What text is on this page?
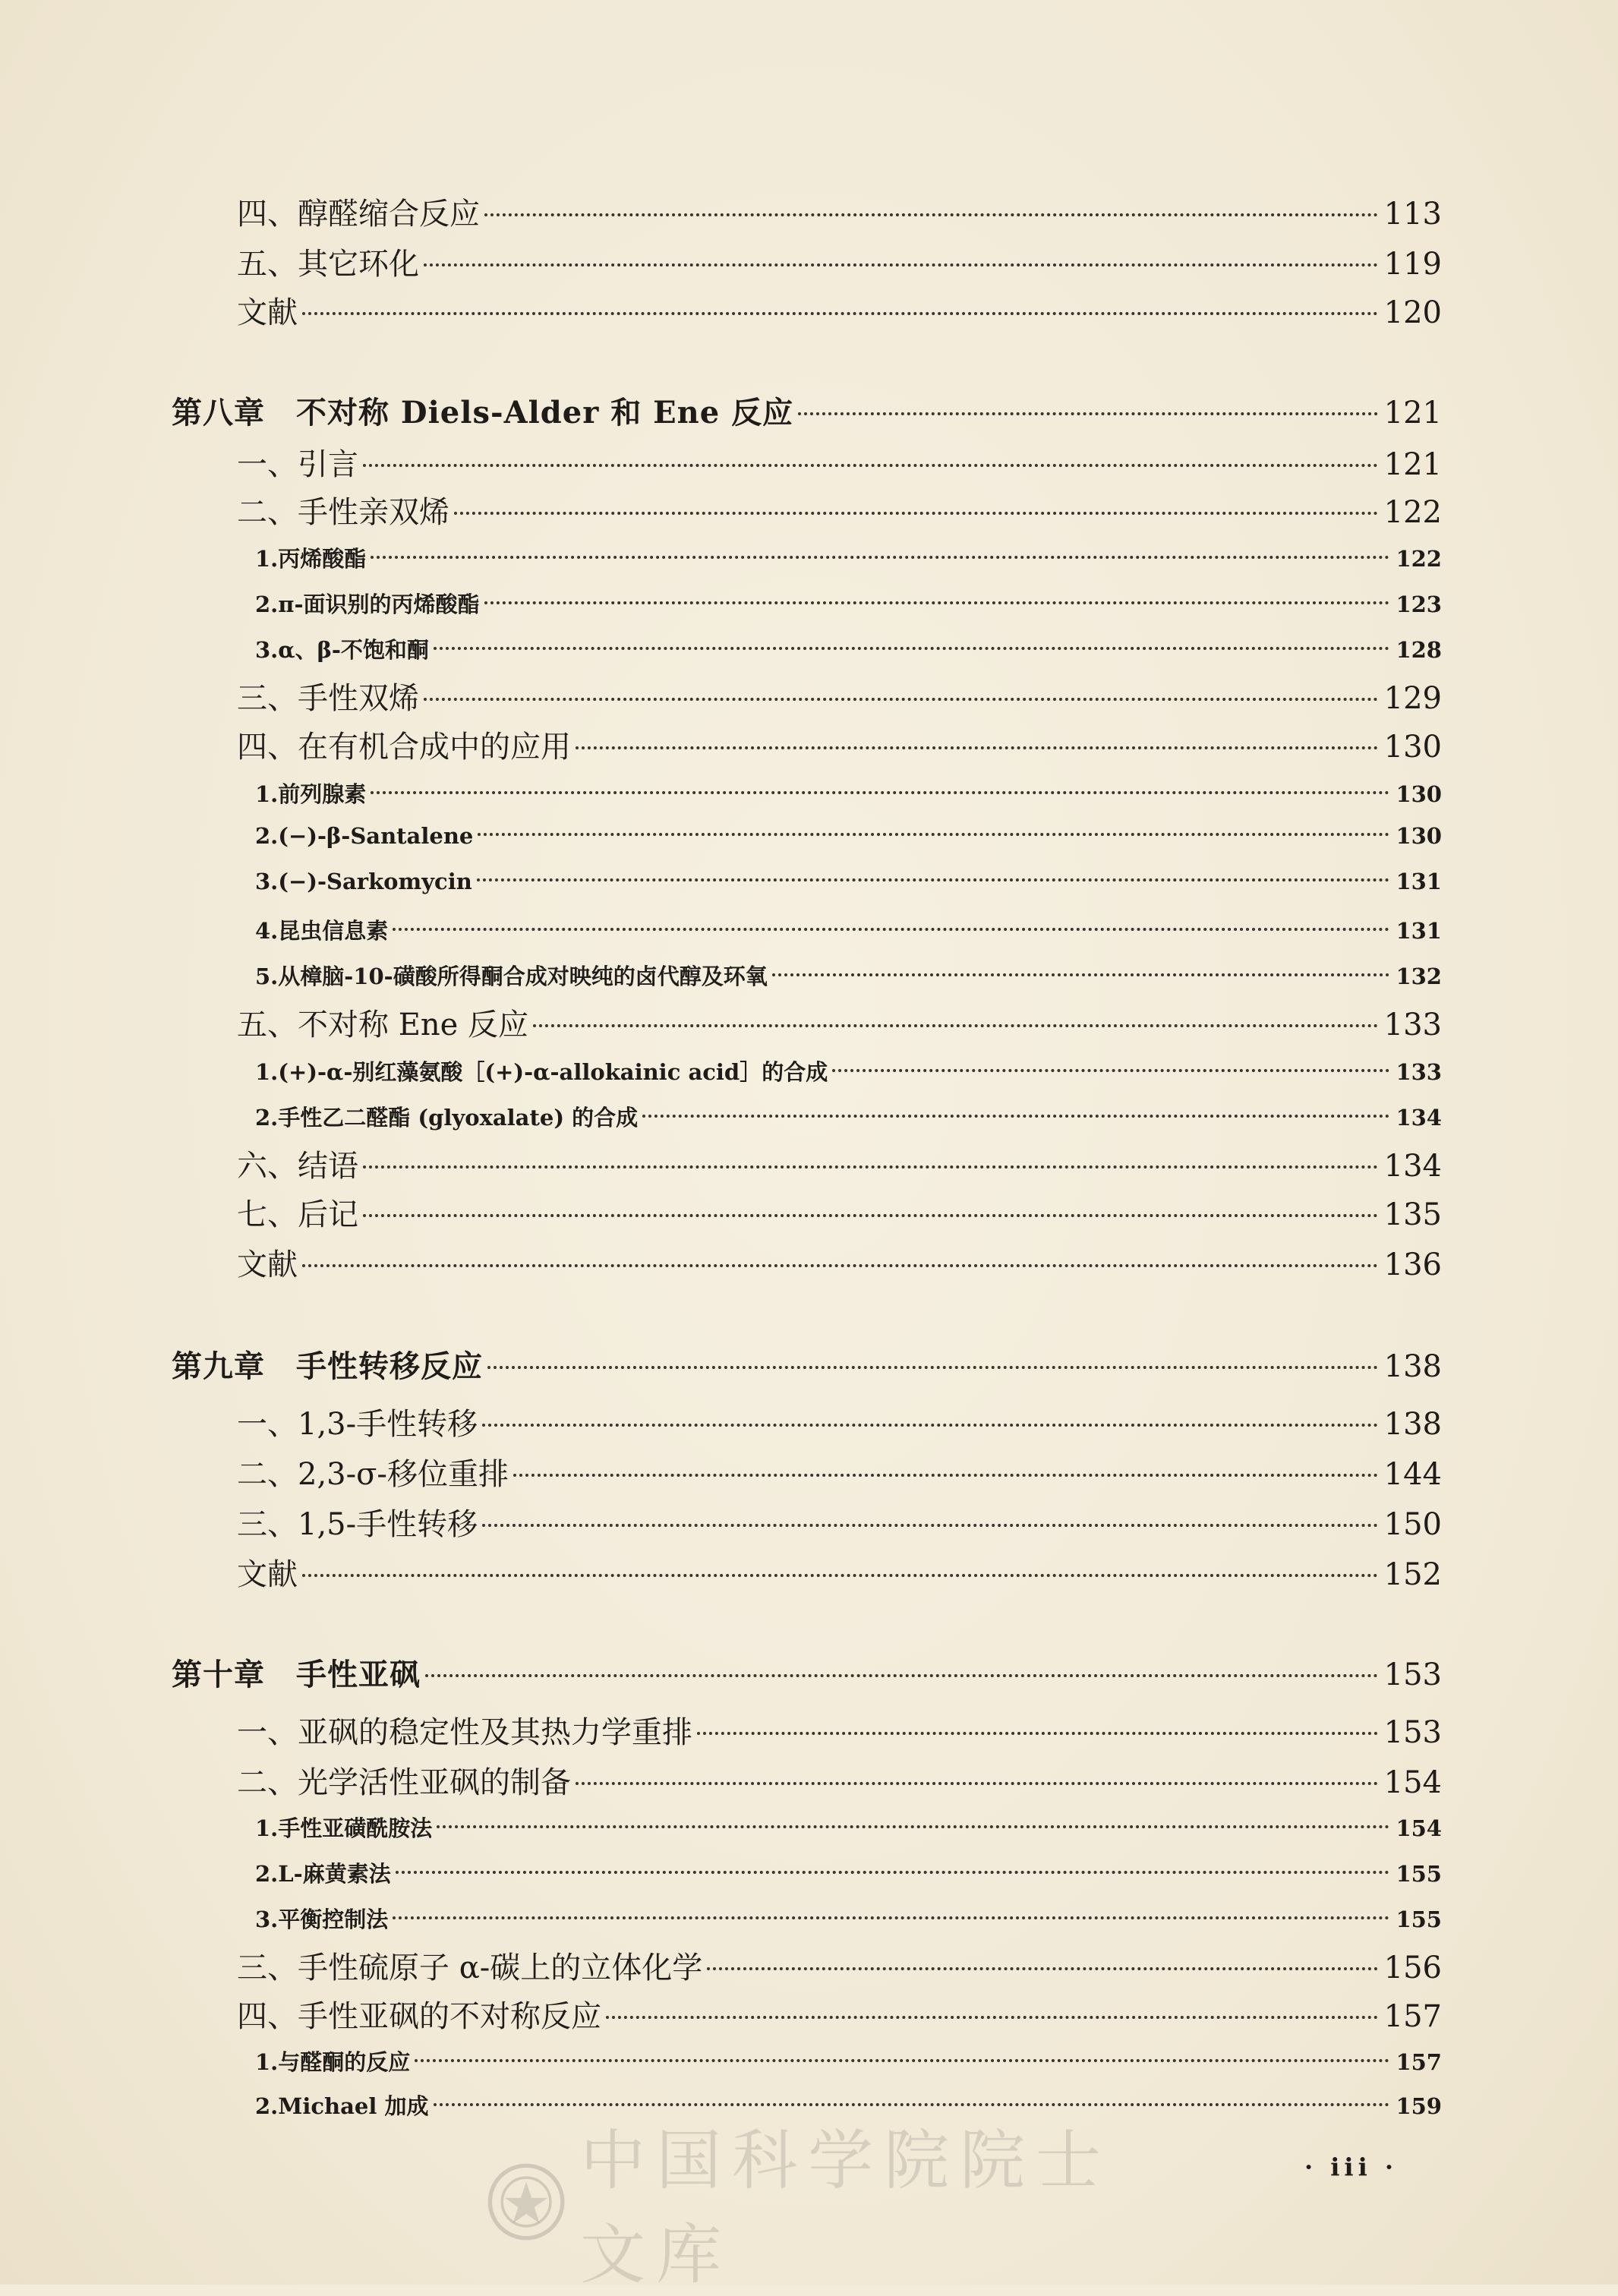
四、醇醛缩合反应	113
五、其它环化	119
文献	120
第八章　不对称 Diels-Alder 和 Ene 反应	121
一、引言	121
二、手性亲双烯	122
1.丙烯酸酯	122
2.π-面识别的丙烯酸酯	123
3.α、β-不饱和酮	128
三、手性双烯	129
四、在有机合成中的应用	130
1.前列腺素	130
2.(−)-β-Santalene	130
3.(−)-Sarkomycin	131
4.昆虫信息素	131
5.从樟脑-10-磺酸所得酮合成对映纯的卤代醇及环氧	132
五、不对称 Ene 反应	133
1.(+)-α-别红藻氨酸［(+)-α-allokainic acid］的合成	133
2.手性乙二醛酯 (glyoxalate) 的合成	134
六、结语	134
七、后记	135
文献	136
第九章　手性转移反应	138
一、1,3-手性转移	138
二、2,3-σ-移位重排	144
三、1,5-手性转移	150
文献	152
第十章　手性亚砜	153
一、亚砜的稳定性及其热力学重排	153
二、光学活性亚砜的制备	154
1.手性亚磺酰胺法	154
2.L-麻黄素法	155
3.平衡控制法	155
三、手性硫原子 α-碳上的立体化学	156
四、手性亚砜的不对称反应	157
1.与醛酮的反应	157
2.Michael 加成	159
中国科学院院士文库
· iii ·
